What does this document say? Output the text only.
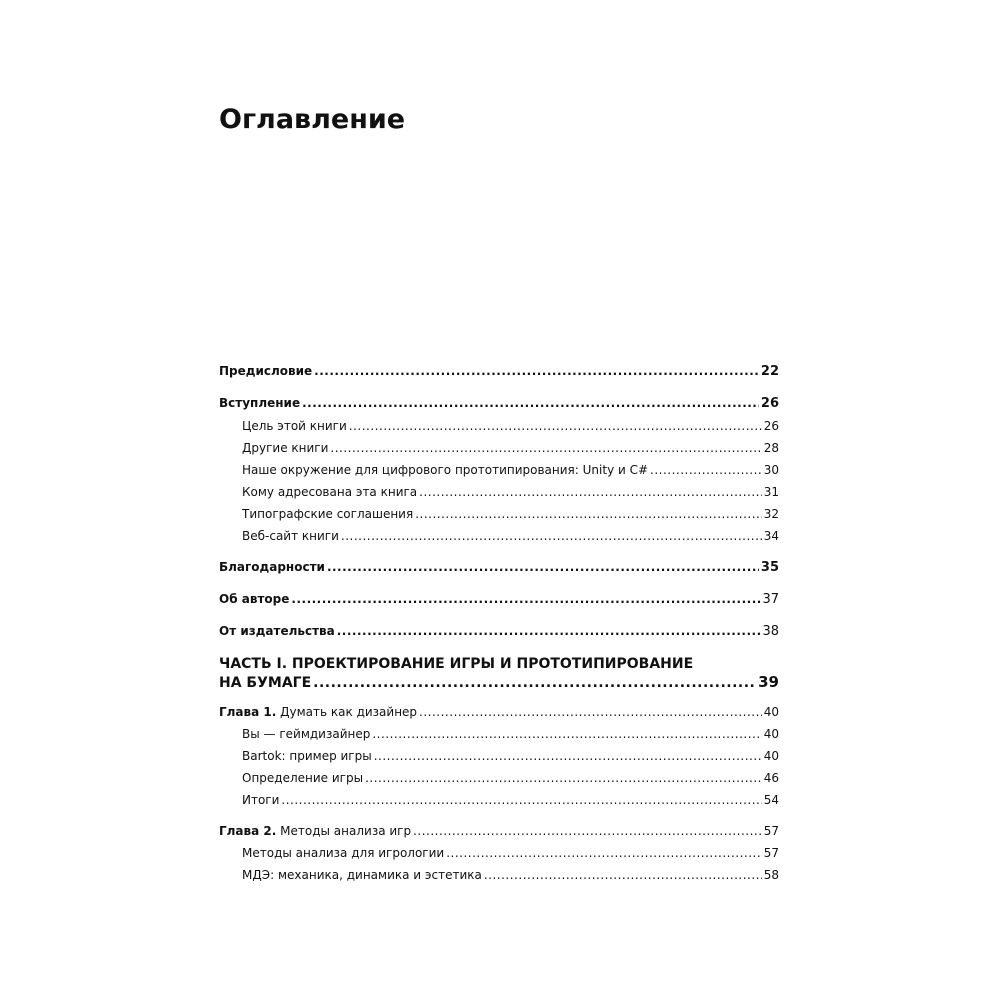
Оглавление
Предисловие .....	22
Вступление .....	26
Цель этой книги .....	26
Другие книги .....	28
Наше окружение для цифрового прототипирования: Unity и C# .....	30
Кому адресована эта книга .....	31
Типографские соглашения .....	32
Веб-сайт книги .....	34
Благодарности .....	35
Об авторе .....	37
От издательства .....	38
ЧАСТЬ I. ПРОЕКТИРОВАНИЕ ИГРЫ И ПРОТОТИПИРОВАНИЕ
НА БУМАГЕ .....	39
Глава 1. Думать как дизайнер .....	40
Вы — геймдизайнер .....	40
Bartok: пример игры .....	40
Определение игры .....	46
Итоги .....	54
Глава 2. Методы анализа игр .....	57
Методы анализа для игрологии .....	57
МДЭ: механика, динамика и эстетика .....	58
